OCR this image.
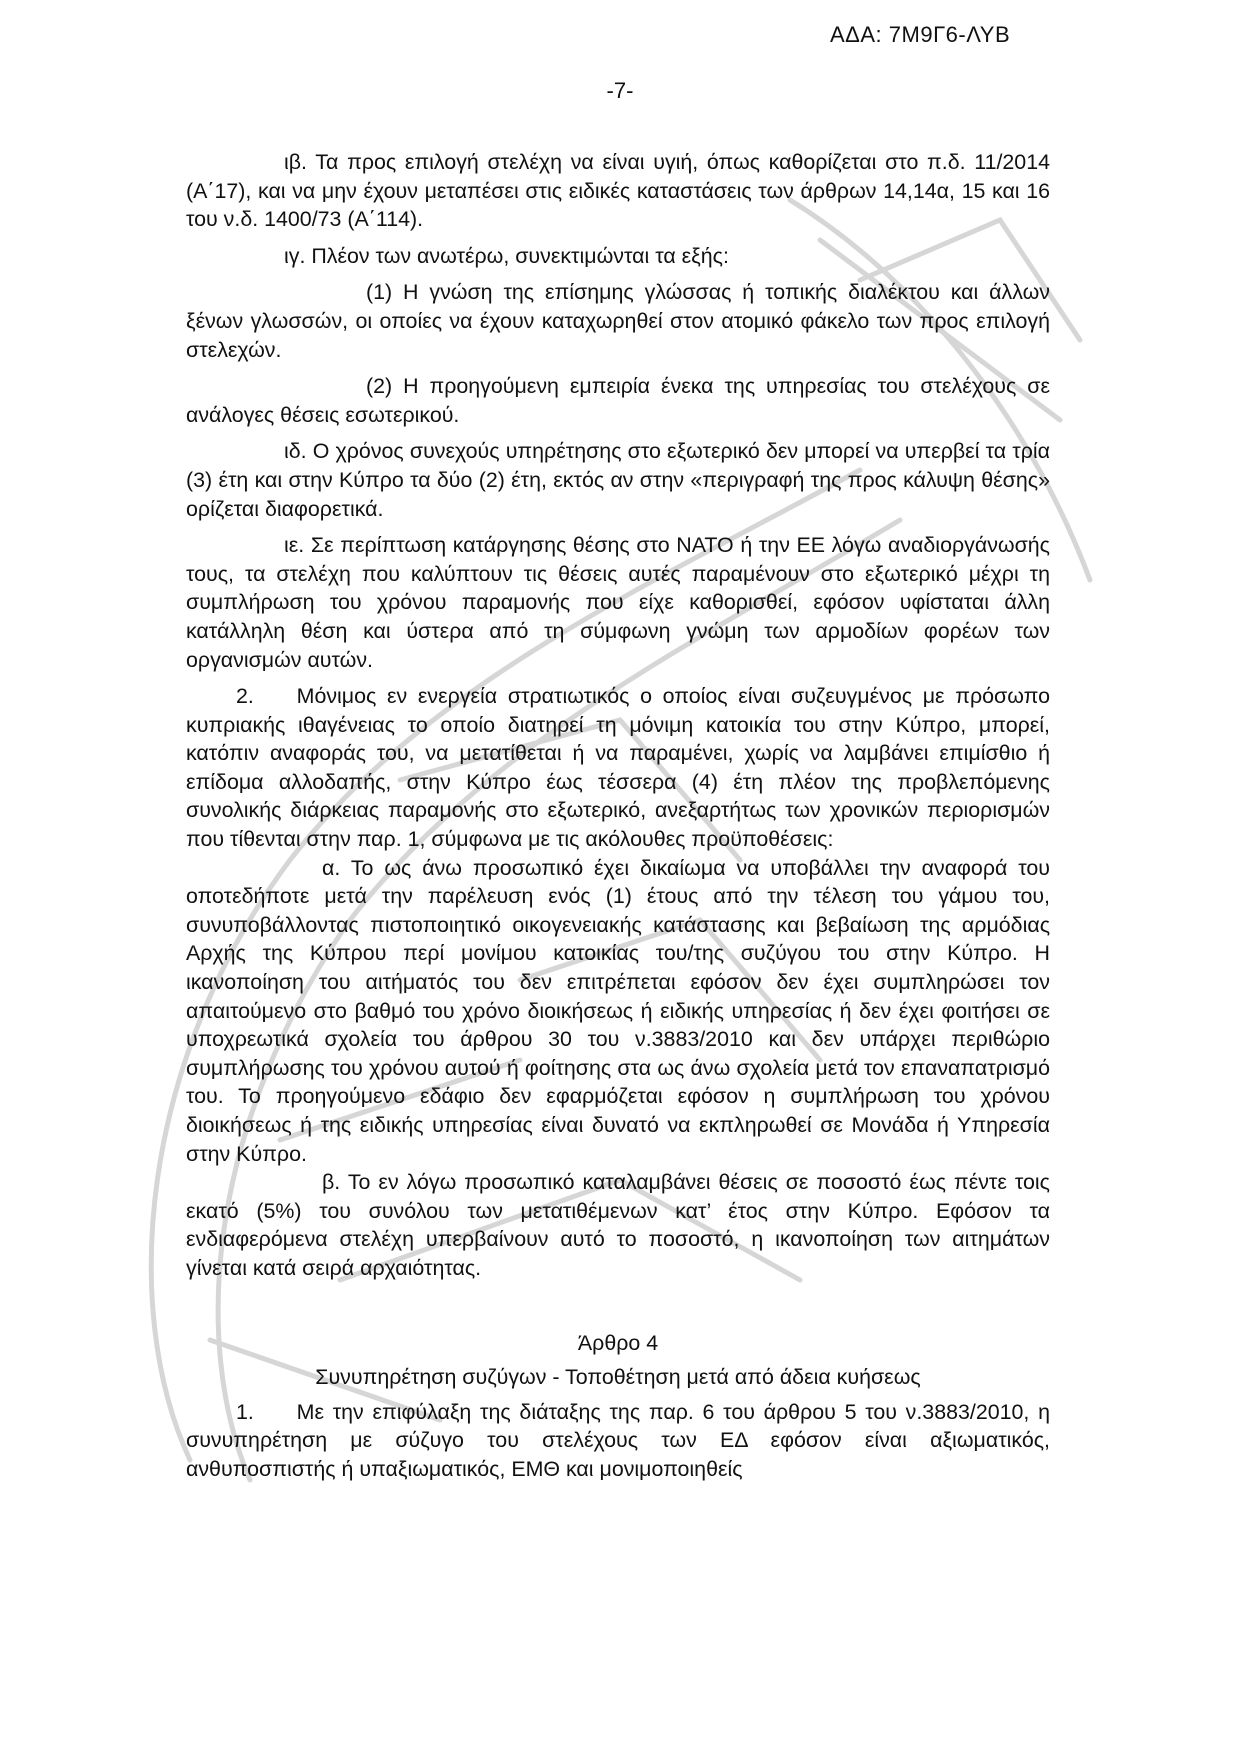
ΑΔΑ: 7Μ9Γ6-ΛΥΒ
-7-

ιβ. Τα προς επιλογή στελέχη να είναι υγιή, όπως καθορίζεται στο π.δ. 11/2014 (Α΄17), και να μην έχουν μεταπέσει στις ειδικές καταστάσεις των άρθρων 14,14α, 15 και 16 του ν.δ. 1400/73 (Α΄114).

ιγ. Πλέον των ανωτέρω, συνεκτιμώνται τα εξής:

(1) Η γνώση της επίσημης γλώσσας ή τοπικής διαλέκτου και άλλων ξένων γλωσσών, οι οποίες να έχουν καταχωρηθεί στον ατομικό φάκελο των προς επιλογή στελεχών.

(2) Η προηγούμενη εμπειρία ένεκα της υπηρεσίας του στελέχους σε ανάλογες θέσεις εσωτερικού.

ιδ. Ο χρόνος συνεχούς υπηρέτησης στο εξωτερικό δεν μπορεί να υπερβεί τα τρία (3) έτη και στην Κύπρο τα δύο (2) έτη, εκτός αν στην «περιγραφή της προς κάλυψη θέσης» ορίζεται διαφορετικά.

ιε. Σε περίπτωση κατάργησης θέσης στο ΝΑΤΟ ή την ΕΕ λόγω αναδιοργάνωσής τους, τα στελέχη που καλύπτουν τις θέσεις αυτές παραμένουν στο εξωτερικό μέχρι τη συμπλήρωση του χρόνου παραμονής που είχε καθορισθεί, εφόσον υφίσταται άλλη κατάλληλη θέση και ύστερα από τη σύμφωνη γνώμη των αρμοδίων φορέων των οργανισμών αυτών.

2.  Μόνιμος εν ενεργεία στρατιωτικός ο οποίος είναι συζευγμένος με πρόσωπο κυπριακής ιθαγένειας το οποίο διατηρεί τη μόνιμη κατοικία του στην Κύπρο, μπορεί, κατόπιν αναφοράς του, να μετατίθεται ή να παραμένει, χωρίς να λαμβάνει επιμίσθιο ή επίδομα αλλοδαπής, στην Κύπρο έως τέσσερα (4) έτη πλέον της προβλεπόμενης συνολικής διάρκειας παραμονής στο εξωτερικό, ανεξαρτήτως των χρονικών περιορισμών που τίθενται στην παρ. 1, σύμφωνα με τις ακόλουθες προϋποθέσεις:

α. Το ως άνω προσωπικό έχει δικαίωμα να υποβάλλει την αναφορά του οποτεδήποτε μετά την παρέλευση ενός (1) έτους από την τέλεση του γάμου του, συνυποβάλλοντας πιστοποιητικό οικογενειακής κατάστασης και βεβαίωση της αρμόδιας Αρχής της Κύπρου περί μονίμου κατοικίας του/της συζύγου του στην Κύπρο. Η ικανοποίηση του αιτήματός του δεν επιτρέπεται εφόσον δεν έχει συμπληρώσει τον απαιτούμενο στο βαθμό του χρόνο διοικήσεως ή ειδικής υπηρεσίας ή δεν έχει φοιτήσει σε υποχρεωτικά σχολεία του άρθρου 30 του ν.3883/2010 και δεν υπάρχει περιθώριο συμπλήρωσης του χρόνου αυτού ή φοίτησης στα ως άνω σχολεία μετά τον επαναπατρισμό του. Το προηγούμενο εδάφιο δεν εφαρμόζεται εφόσον η συμπλήρωση του χρόνου διοικήσεως ή της ειδικής υπηρεσίας είναι δυνατό να εκπληρωθεί σε Μονάδα ή Υπηρεσία στην Κύπρο.

β. Το εν λόγω προσωπικό καταλαμβάνει θέσεις σε ποσοστό έως πέντε τοις εκατό (5%) του συνόλου των μετατιθέμενων κατ’ έτος στην Κύπρο. Εφόσον τα ενδιαφερόμενα στελέχη υπερβαίνουν αυτό το ποσοστό, η ικανοποίηση των αιτημάτων γίνεται κατά σειρά αρχαιότητας.

Άρθρο 4

Συνυπηρέτηση συζύγων - Τοποθέτηση μετά από άδεια κυήσεως

1.  Με την επιφύλαξη της διάταξης της παρ. 6 του άρθρου 5 του ν.3883/2010, η συνυπηρέτηση με σύζυγο του στελέχους των ΕΔ εφόσον είναι αξιωματικός, ανθυποσπιστής ή υπαξιωματικός, ΕΜΘ και μονιμοποιηθείς
